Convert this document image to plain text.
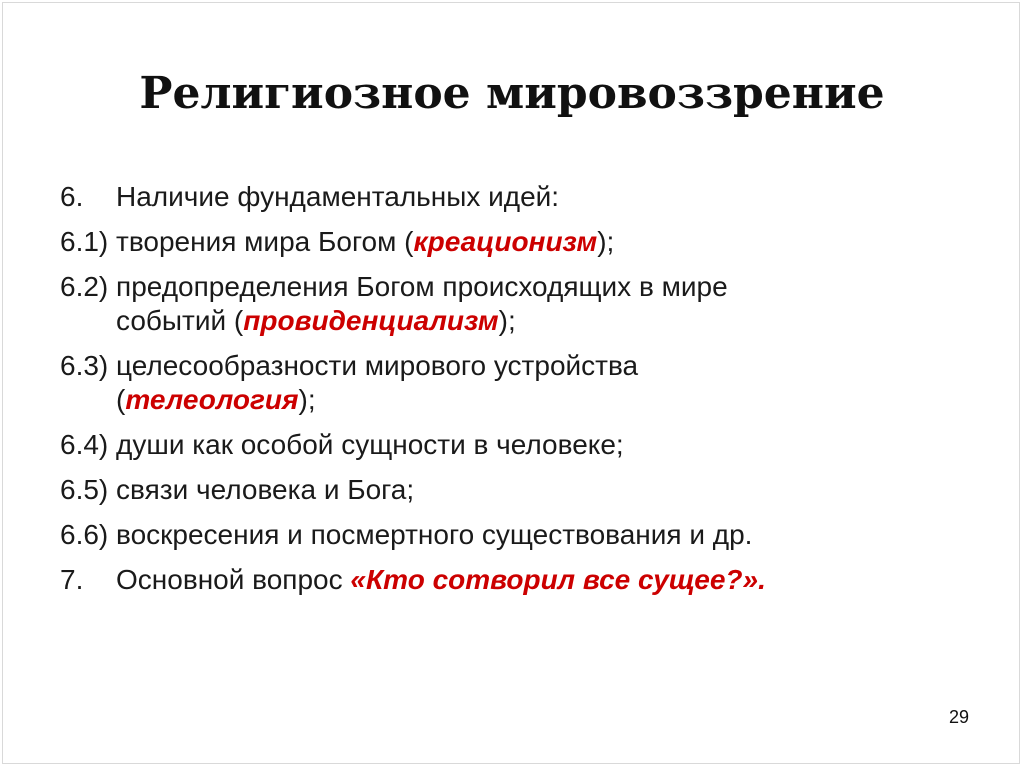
Религиозное мировоззрение
6. Наличие фундаментальных идей:
6.1) творения мира Богом (креационизм);
6.2) предопределения Богом происходящих в мире
событий (провиденциализм);
6.3) целесообразности мирового устройства
(телеология);
6.4) души как особой сущности в человеке;
6.5) связи человека и Бога;
6.6) воскресения и посмертного существования и др.
7. Основной вопрос «Кто сотворил все сущее?».
29
